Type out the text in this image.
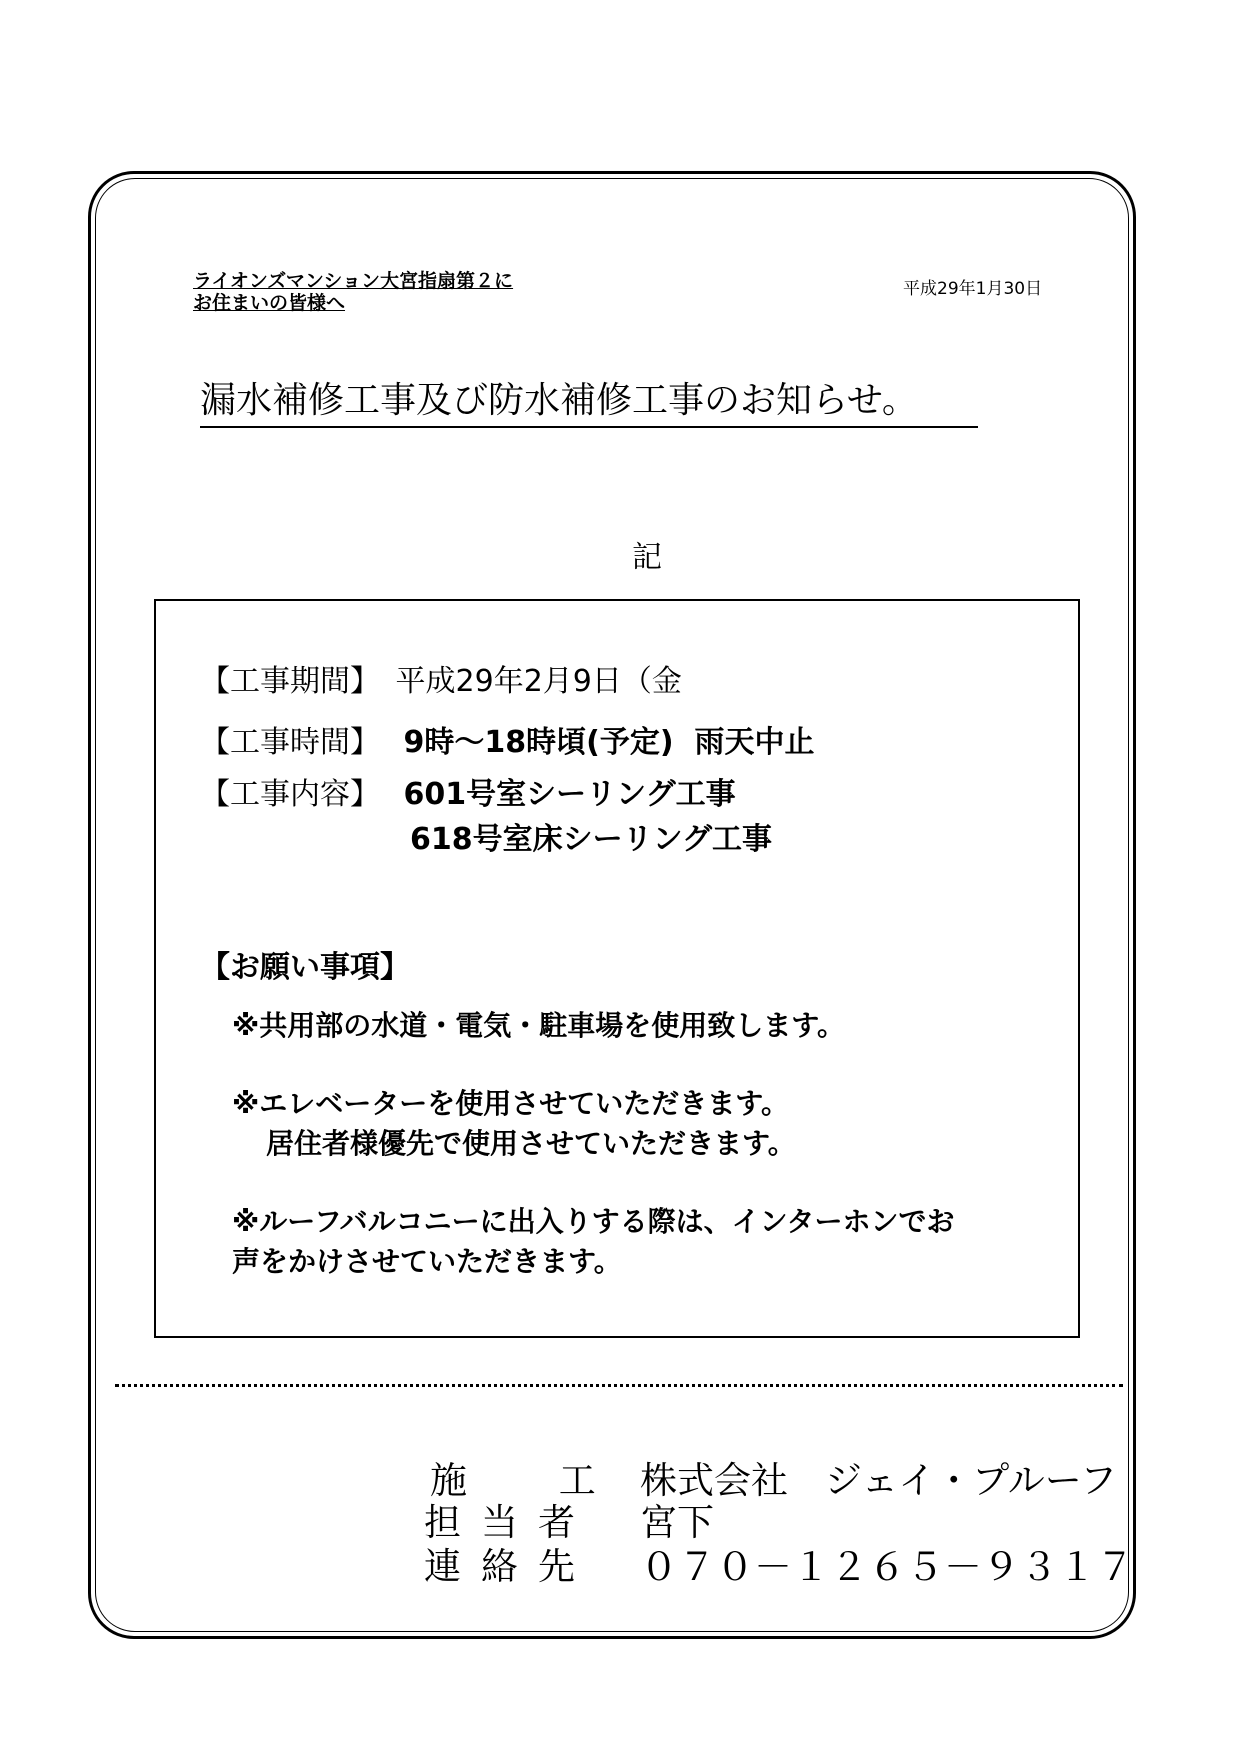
ライオンズマンション大宮指扇第２に
お住まいの皆様へ
平成29年1月30日
漏水補修工事及び防水補修工事のお知らせ。
記
【工事期間】 平成29年2月9日（金
【工事時間】 9時～18時頃(予定)  雨天中止
【工事内容】 601号室シーリング工事
618号室床シーリング工事
【お願い事項】
※共用部の水道・電気・駐車場を使用致します。
※エレベーターを使用させていただきます。
居住者様優先で使用させていただきます。
※ルーフバルコニーに出入りする際は、インターホンでお
声をかけさせていただきます。
施 工 株式会社　ジェイ・プルーフ
担当者 宮下
連絡先 ０７０－１２６５－９３１７
